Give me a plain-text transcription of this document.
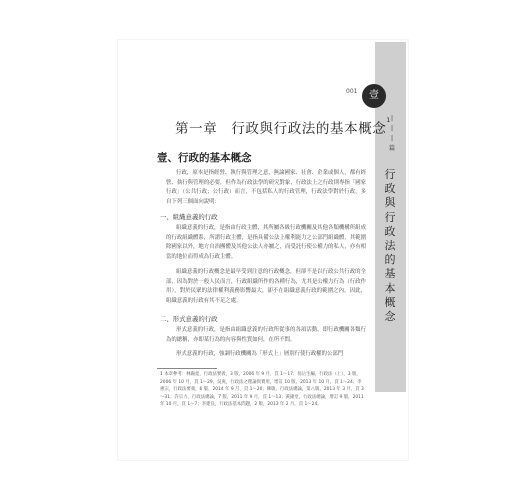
001	壹
|
|
|
篇
行政與行政法的基本概念
第一章 行政與行政法的基本概念$^1$
壹、行政的基本概念
行政，原本是指經營、執行與管理之意，無論國家、社會、企業或個人，都有經營、執行與管理的必要，但作為行政法學的研究對象，行政法上之行政則專指「國家行政」（公共行政；公行政）而言，不包括私人的行政管理，行政法學對於行政，多自下列三個面向說明：
一、組織意義的行政
組織意義的行政，是指由行政主體、其所屬各級行政機關及其他各類機構所組成的行政組織體系，所謂行政主體，是指具備公法上權利能力之公部門組織體，其範圍除國家以外，地方自治團體及其他公法人亦屬之，而受託行使公權力的私人，亦有相當的地位而得成為行政主體。
組織意義的行政概念是最早受到注意的行政概念，但卻不是以行政公共行政的全部，因為對於一般人民而言，行政組織所作的各種行為，尤其是公權力行為（行政作用），對於民眾的法律權利義務影響最大，卻不在組織意義行政的範圍之內，因此，組織意義的行政有其不足之處。
二、形式意義的行政
形式意義的行政，是指由組織意義的行政所從事的各項活動，即行政機關各類行為的總稱，亦即某行為的內容與性質如何，在所不問。
形式意義的行政，強調行政機關為「形式上」層別行使行政權的公部門
1 本章參考：林錫堯，行政法要義，3 版，2006 年 9 月，頁 1～17；翁岳生編，行政法（上），3 版，2006 年 10 月，頁 1～29；吳庚，行政法之理論與實用，增訂 10 版，2013 年 10 月，頁 1～24；李惠宗，行政法要義，6 版，2014 年 9 月，頁 1～20；陳敏，行政法總論，第八版，2013 年 3 月，頁 3～31；許宗力，行政法總論，7 版，2011 年 9 月，頁 1～13；黃錦堂，行政法總論，增訂 9 版，2011 年 10 月，頁 1～7；李建良，行政法基本問題，2 版，2013 年 2 月，頁 1～24。
